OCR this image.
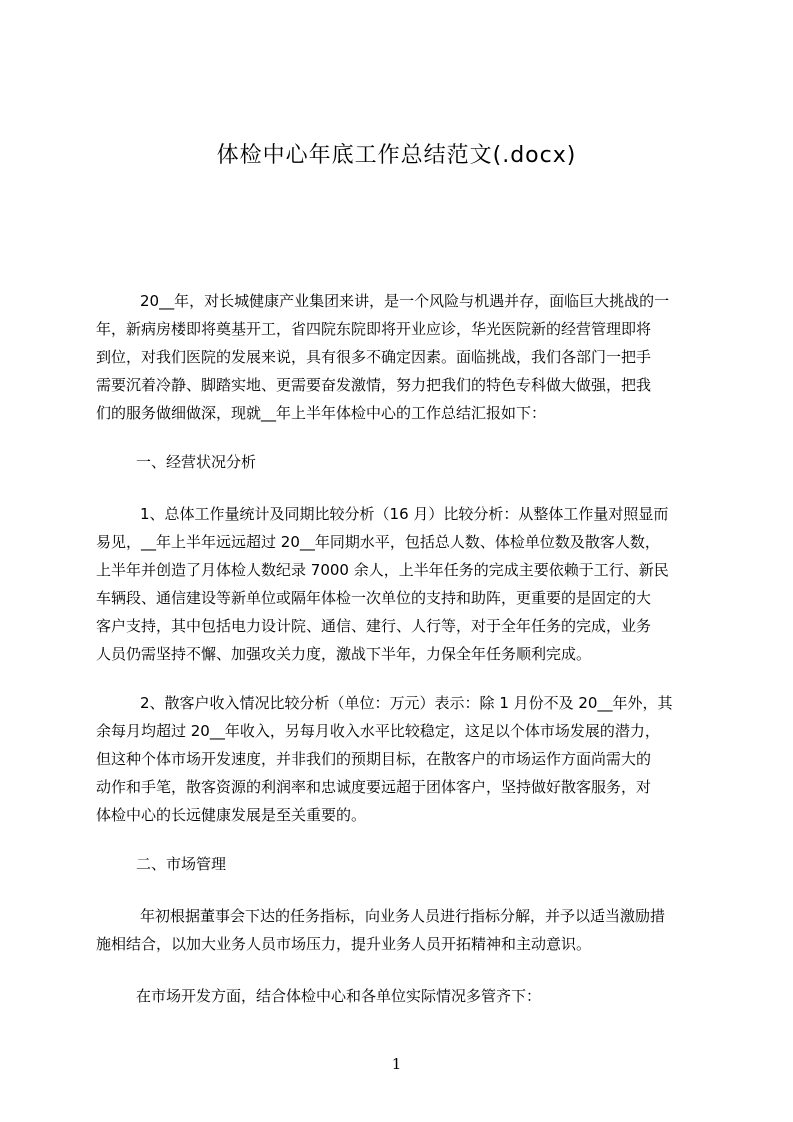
体检中心年底工作总结范文(.docx)
20__年，对长城健康产业集团来讲，是一个风险与机遇并存，面临巨大挑战的一
年，新病房楼即将奠基开工，省四院东院即将开业应诊，华光医院新的经营管理即将
到位，对我们医院的发展来说，具有很多不确定因素。面临挑战，我们各部门一把手
需要沉着冷静、脚踏实地、更需要奋发激情，努力把我们的特色专科做大做强，把我
们的服务做细做深，现就__年上半年体检中心的工作总结汇报如下：
一、经营状况分析
1、总体工作量统计及同期比较分析（16 月）比较分析：从整体工作量对照显而
易见，__年上半年远远超过 20__年同期水平，包括总人数、体检单位数及散客人数，
上半年并创造了月体检人数纪录 7000 余人，上半年任务的完成主要依赖于工行、新民
车辆段、通信建设等新单位或隔年体检一次单位的支持和助阵，更重要的是固定的大
客户支持，其中包括电力设计院、通信、建行、人行等，对于全年任务的完成，业务
人员仍需坚持不懈、加强攻关力度，激战下半年，力保全年任务顺利完成。
2、散客户收入情况比较分析（单位：万元）表示：除 1 月份不及 20__年外，其
余每月均超过 20__年收入，另每月收入水平比较稳定，这足以个体市场发展的潜力，
但这种个体市场开发速度，并非我们的预期目标，在散客户的市场运作方面尚需大的
动作和手笔，散客资源的利润率和忠诚度要远超于团体客户，坚持做好散客服务，对
体检中心的长远健康发展是至关重要的。
二、市场管理
年初根据董事会下达的任务指标，向业务人员进行指标分解，并予以适当激励措
施相结合，以加大业务人员市场压力，提升业务人员开拓精神和主动意识。
在市场开发方面，结合体检中心和各单位实际情况多管齐下：
1
